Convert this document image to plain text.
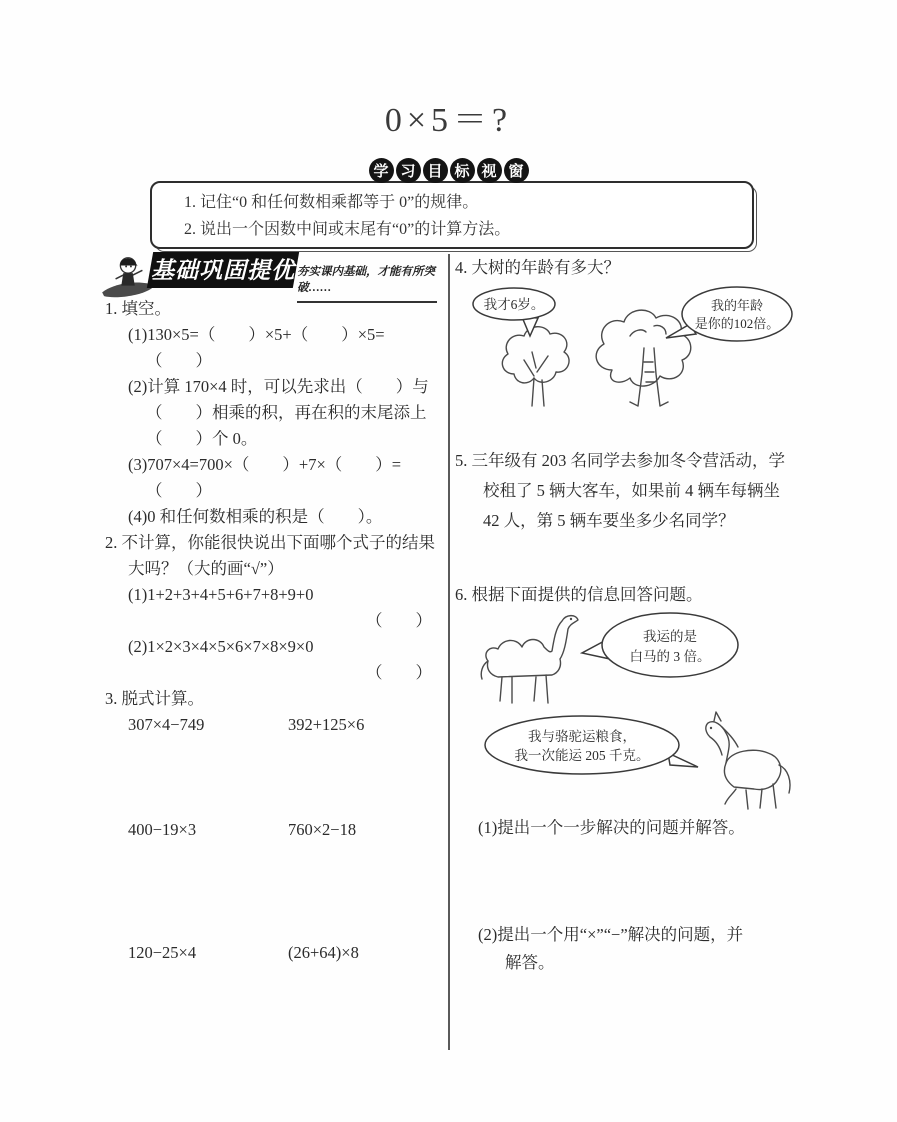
0×5＝?
学 习 目 标 视 窗

1. 记住“0 和任何数相乘都等于 0”的规律。

2. 说出一个因数中间或末尾有“0”的计算方法。

基础巩固提优 夯实课内基础，才能有所突破……
1. 填空。
(1)130×5=（　　）×5+（　　）×5=
（　　）
(2)计算 170×4 时，可以先求出（　　）与
（　　）相乘的积，再在积的末尾添上
（　　）个 0。
(3)707×4=700×（　　）+7×（　　）=
（　　）
(4)0 和任何数相乘的积是（　　）。
2. 不计算，你能很快说出下面哪个式子的结果
大吗？（大的画“√”）
(1)1+2+3+4+5+6+7+8+9+0
（　　）
(2)1×2×3×4×5×6×7×8×9×0
（　　）
3. 脱式计算。
307×4−749	392+125×6
400−19×3	760×2−18
120−25×4	(26+64)×8
4. 大树的年龄有多大？
我才6岁。	我的年龄
是你的102倍。
5. 三年级有 203 名同学去参加冬令营活动，学
校租了 5 辆大客车，如果前 4 辆车每辆坐
42 人，第 5 辆车要坐多少名同学？
6. 根据下面提供的信息回答问题。
我运的是
白马的 3 倍。
我与骆驼运粮食，
我一次能运 205 千克。
(1)提出一个一步解决的问题并解答。
(2)提出一个用“×”“−”解决的问题，并
解答。
